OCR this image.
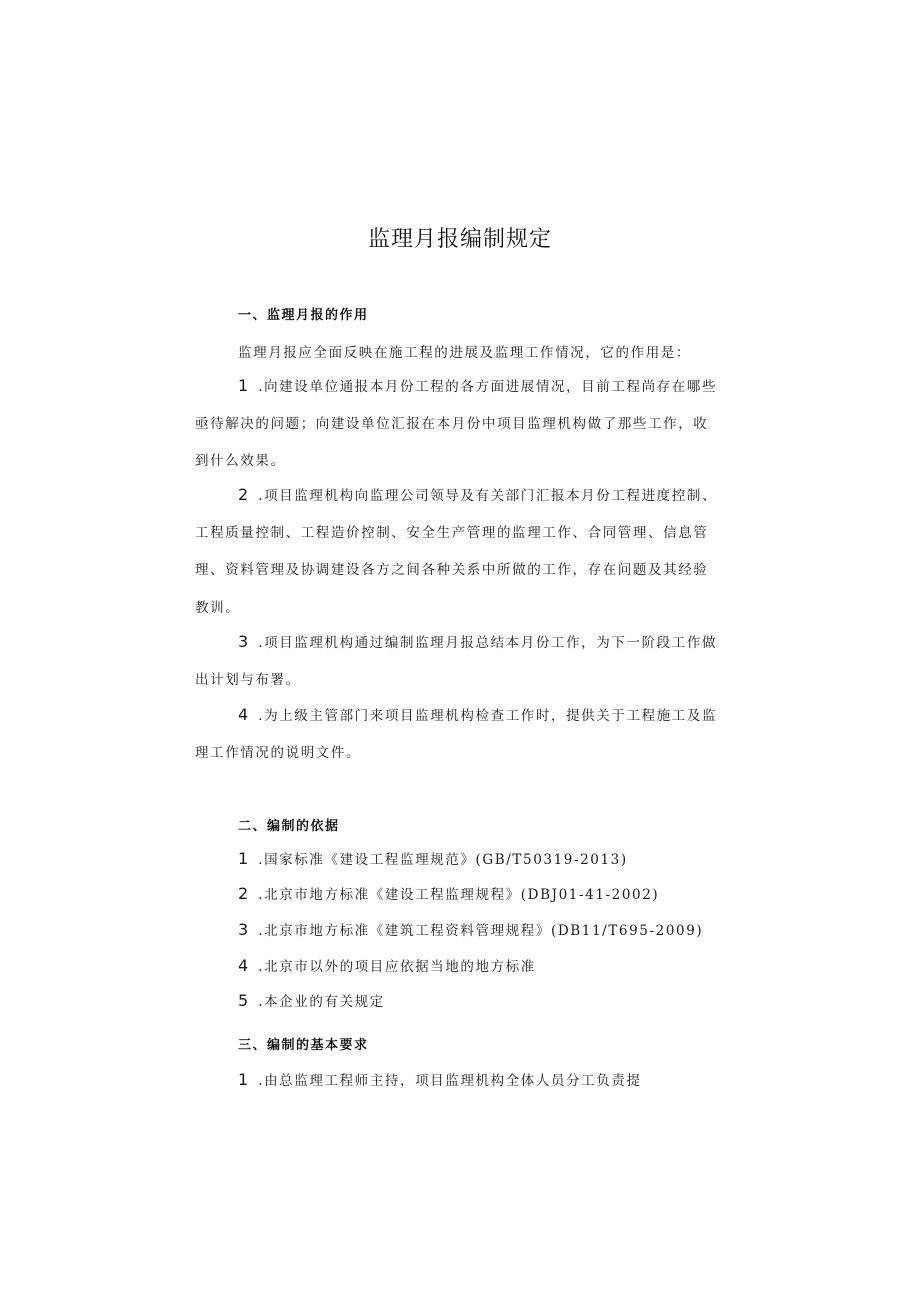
监理月报编制规定
一、监理月报的作用
监理月报应全面反映在施工程的进展及监理工作情况，它的作用是：
1 .向建设单位通报本月份工程的各方面进展情况，目前工程尚存在哪些
亟待解决的问题；向建设单位汇报在本月份中项目监理机构做了那些工作，收
到什么效果。
2 .项目监理机构向监理公司领导及有关部门汇报本月份工程进度控制、
工程质量控制、工程造价控制、安全生产管理的监理工作、合同管理、信息管
理、资料管理及协调建设各方之间各种关系中所做的工作，存在问题及其经验
教训。
3 .项目监理机构通过编制监理月报总结本月份工作，为下一阶段工作做
出计划与布署。
4 .为上级主管部门来项目监理机构检查工作时，提供关于工程施工及监
理工作情况的说明文件。
二、编制的依据
1 .国家标准《建设工程监理规范》(GB/T50319-2013)
2 .北京市地方标准《建设工程监理规程》(DBJ01-41-2002)
3 .北京市地方标准《建筑工程资料管理规程》(DB11/T695-2009)
4 .北京市以外的项目应依据当地的地方标准
5 .本企业的有关规定
三、编制的基本要求
1 .由总监理工程师主持，项目监理机构全体人员分工负责提
